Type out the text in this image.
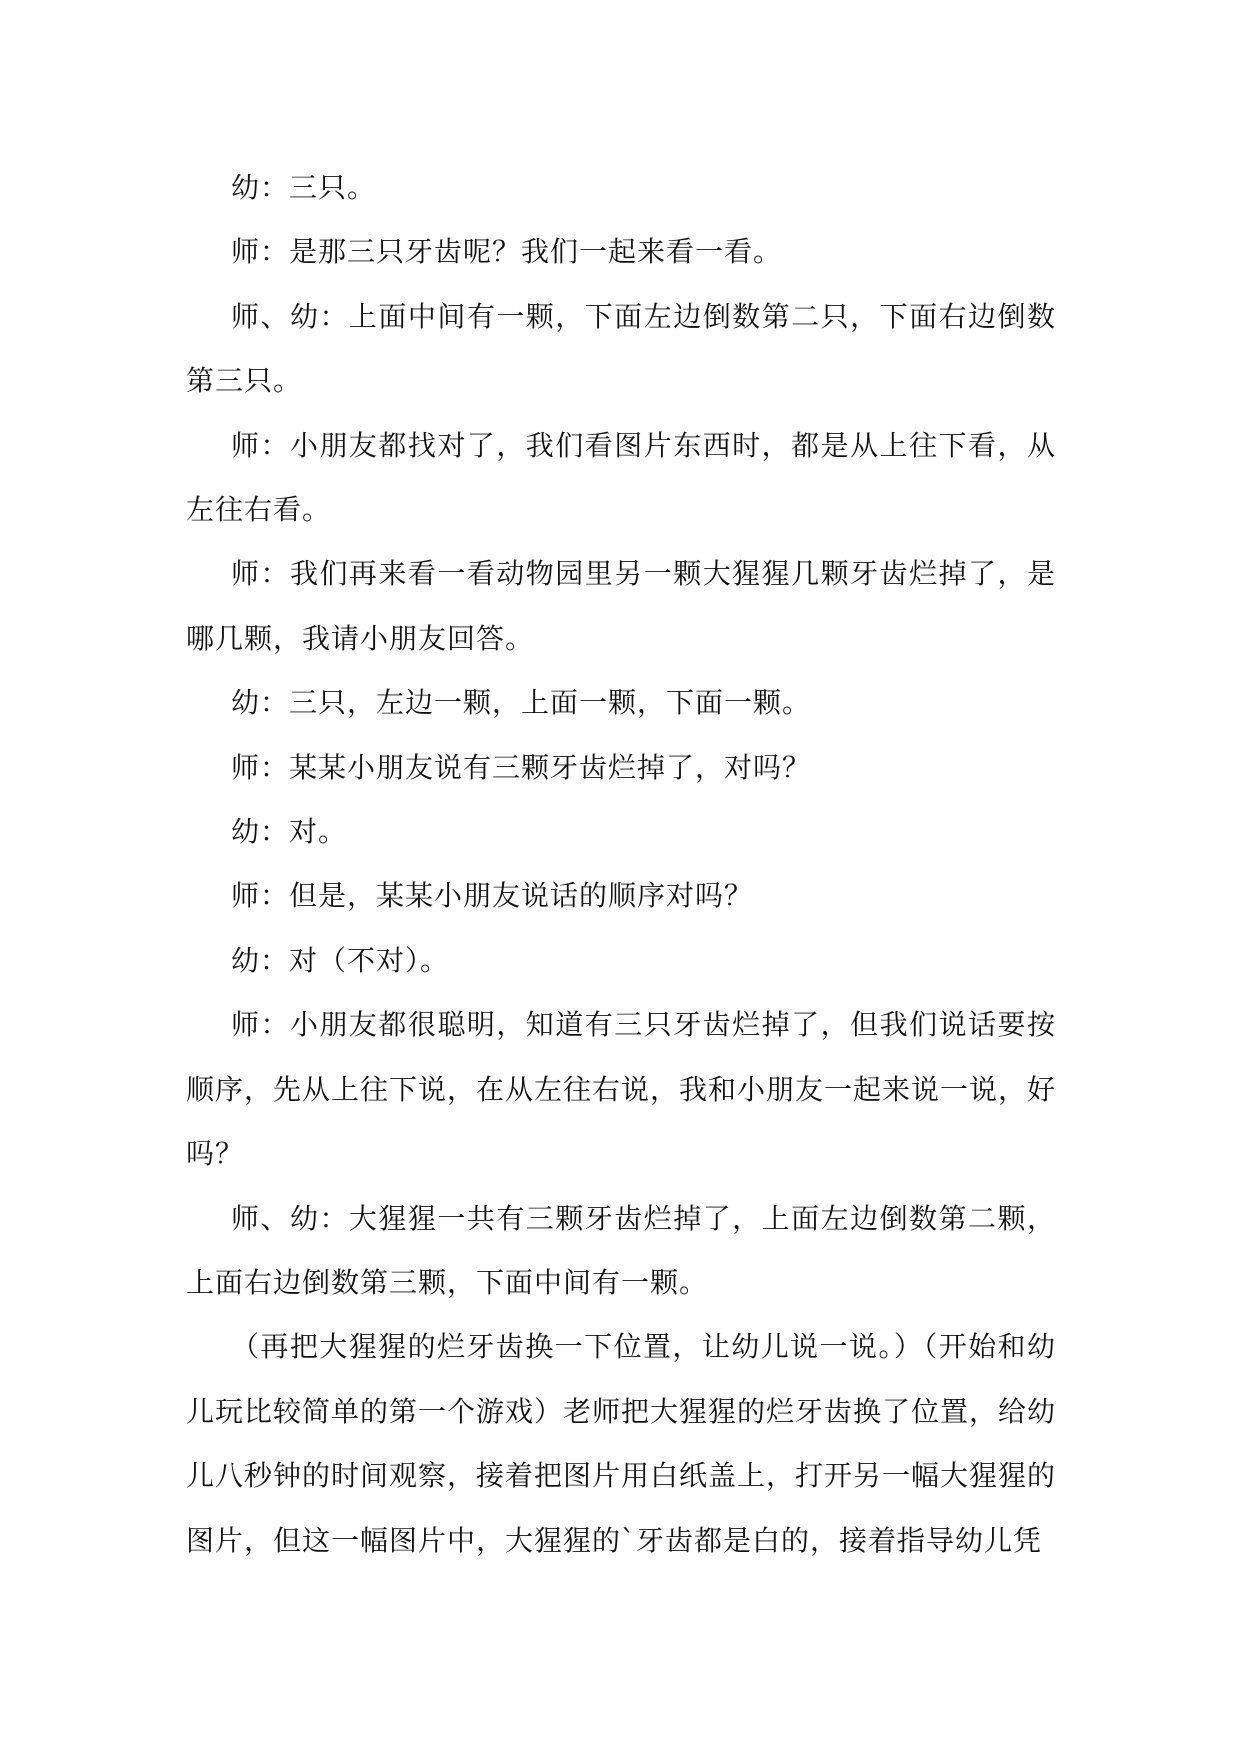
幼：三只。

师：是那三只牙齿呢？我们一起来看一看。

师、幼：上面中间有一颗，下面左边倒数第二只，下面右边倒数第三只。

师：小朋友都找对了，我们看图片东西时，都是从上往下看，从左往右看。

师：我们再来看一看动物园里另一颗大猩猩几颗牙齿烂掉了，是哪几颗，我请小朋友回答。

幼：三只，左边一颗，上面一颗，下面一颗。

师：某某小朋友说有三颗牙齿烂掉了，对吗？

幼：对。

师：但是，某某小朋友说话的顺序对吗？

幼：对（不对）。

师：小朋友都很聪明，知道有三只牙齿烂掉了，但我们说话要按顺序，先从上往下说，在从左往右说，我和小朋友一起来说一说，好吗？

师、幼：大猩猩一共有三颗牙齿烂掉了，上面左边倒数第二颗，上面右边倒数第三颗，下面中间有一颗。

（再把大猩猩的烂牙齿换一下位置，让幼儿说一说。）（开始和幼儿玩比较简单的第一个游戏）老师把大猩猩的烂牙齿换了位置，给幼儿八秒钟的时间观察，接着把图片用白纸盖上，打开另一幅大猩猩的图片，但这一幅图片中，大猩猩的`牙齿都是白的，接着指导幼儿凭
